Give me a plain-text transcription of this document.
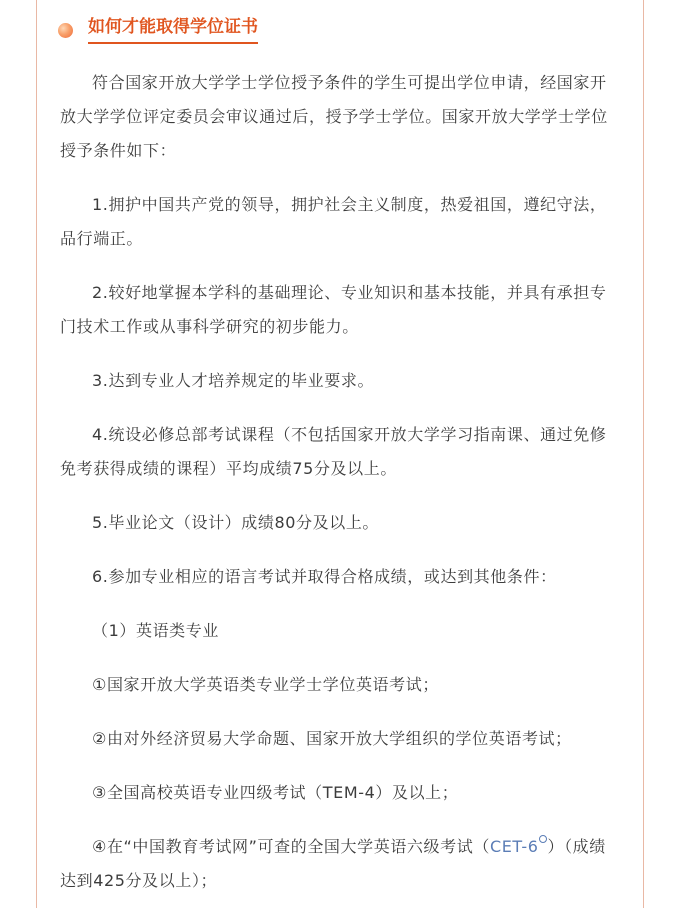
如何才能取得学位证书

符合国家开放大学学士学位授予条件的学生可提出学位申请，经国家开放大学学位评定委员会审议通过后，授予学士学位。国家开放大学学士学位授予条件如下：

1.拥护中国共产党的领导，拥护社会主义制度，热爱祖国，遵纪守法，品行端正。

2.较好地掌握本学科的基础理论、专业知识和基本技能，并具有承担专门技术工作或从事科学研究的初步能力。

3.达到专业人才培养规定的毕业要求。

4.统设必修总部考试课程（不包括国家开放大学学习指南课、通过免修免考获得成绩的课程）平均成绩75分及以上。

5.毕业论文（设计）成绩80分及以上。

6.参加专业相应的语言考试并取得合格成绩，或达到其他条件：

（1）英语类专业

①国家开放大学英语类专业学士学位英语考试；

②由对外经济贸易大学命题、国家开放大学组织的学位英语考试；

③全国高校英语专业四级考试（TEM-4）及以上；

④在“中国教育考试网”可查的全国大学英语六级考试（CET-6 ）（成绩达到425分及以上）；
